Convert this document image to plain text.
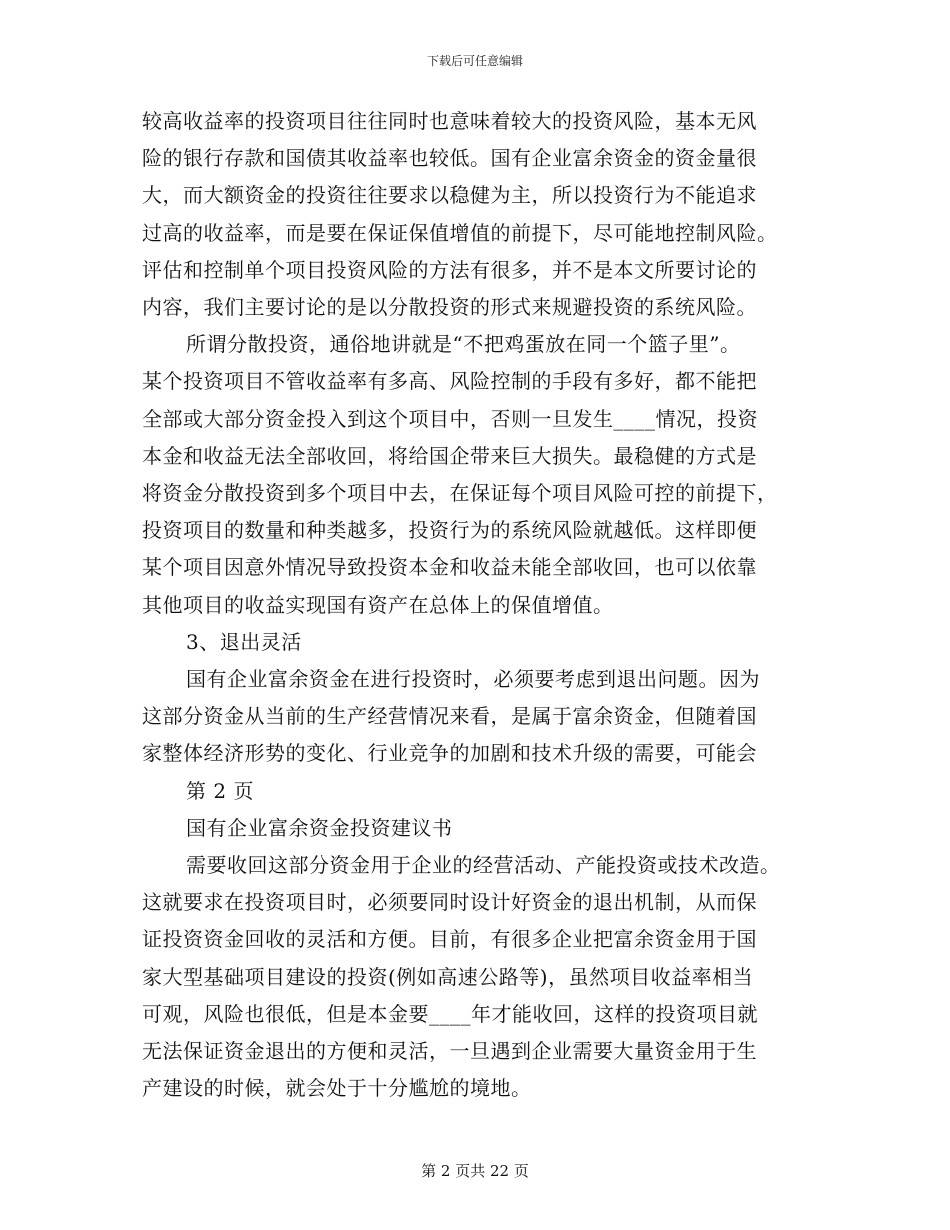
下载后可任意编辑
较高收益率的投资项目往往同时也意味着较大的投资风险，基本无风
险的银行存款和国债其收益率也较低。国有企业富余资金的资金量很
大，而大额资金的投资往往要求以稳健为主，所以投资行为不能追求
过高的收益率，而是要在保证保值增值的前提下，尽可能地控制风险。
评估和控制单个项目投资风险的方法有很多，并不是本文所要讨论的
内容，我们主要讨论的是以分散投资的形式来规避投资的系统风险。
所谓分散投资，通俗地讲就是“不把鸡蛋放在同一个篮子里”。
某个投资项目不管收益率有多高、风险控制的手段有多好，都不能把
全部或大部分资金投入到这个项目中，否则一旦发生____情况，投资
本金和收益无法全部收回，将给国企带来巨大损失。最稳健的方式是
将资金分散投资到多个项目中去，在保证每个项目风险可控的前提下，
投资项目的数量和种类越多，投资行为的系统风险就越低。这样即便
某个项目因意外情况导致投资本金和收益未能全部收回，也可以依靠
其他项目的收益实现国有资产在总体上的保值增值。
3、退出灵活
国有企业富余资金在进行投资时，必须要考虑到退出问题。因为
这部分资金从当前的生产经营情况来看，是属于富余资金，但随着国
家整体经济形势的变化、行业竞争的加剧和技术升级的需要，可能会
第 2 页
国有企业富余资金投资建议书
需要收回这部分资金用于企业的经营活动、产能投资或技术改造。
这就要求在投资项目时，必须要同时设计好资金的退出机制，从而保
证投资资金回收的灵活和方便。目前，有很多企业把富余资金用于国
家大型基础项目建设的投资(例如高速公路等)，虽然项目收益率相当
可观，风险也很低，但是本金要____年才能收回，这样的投资项目就
无法保证资金退出的方便和灵活，一旦遇到企业需要大量资金用于生
产建设的时候，就会处于十分尴尬的境地。
第 2 页共 22 页
